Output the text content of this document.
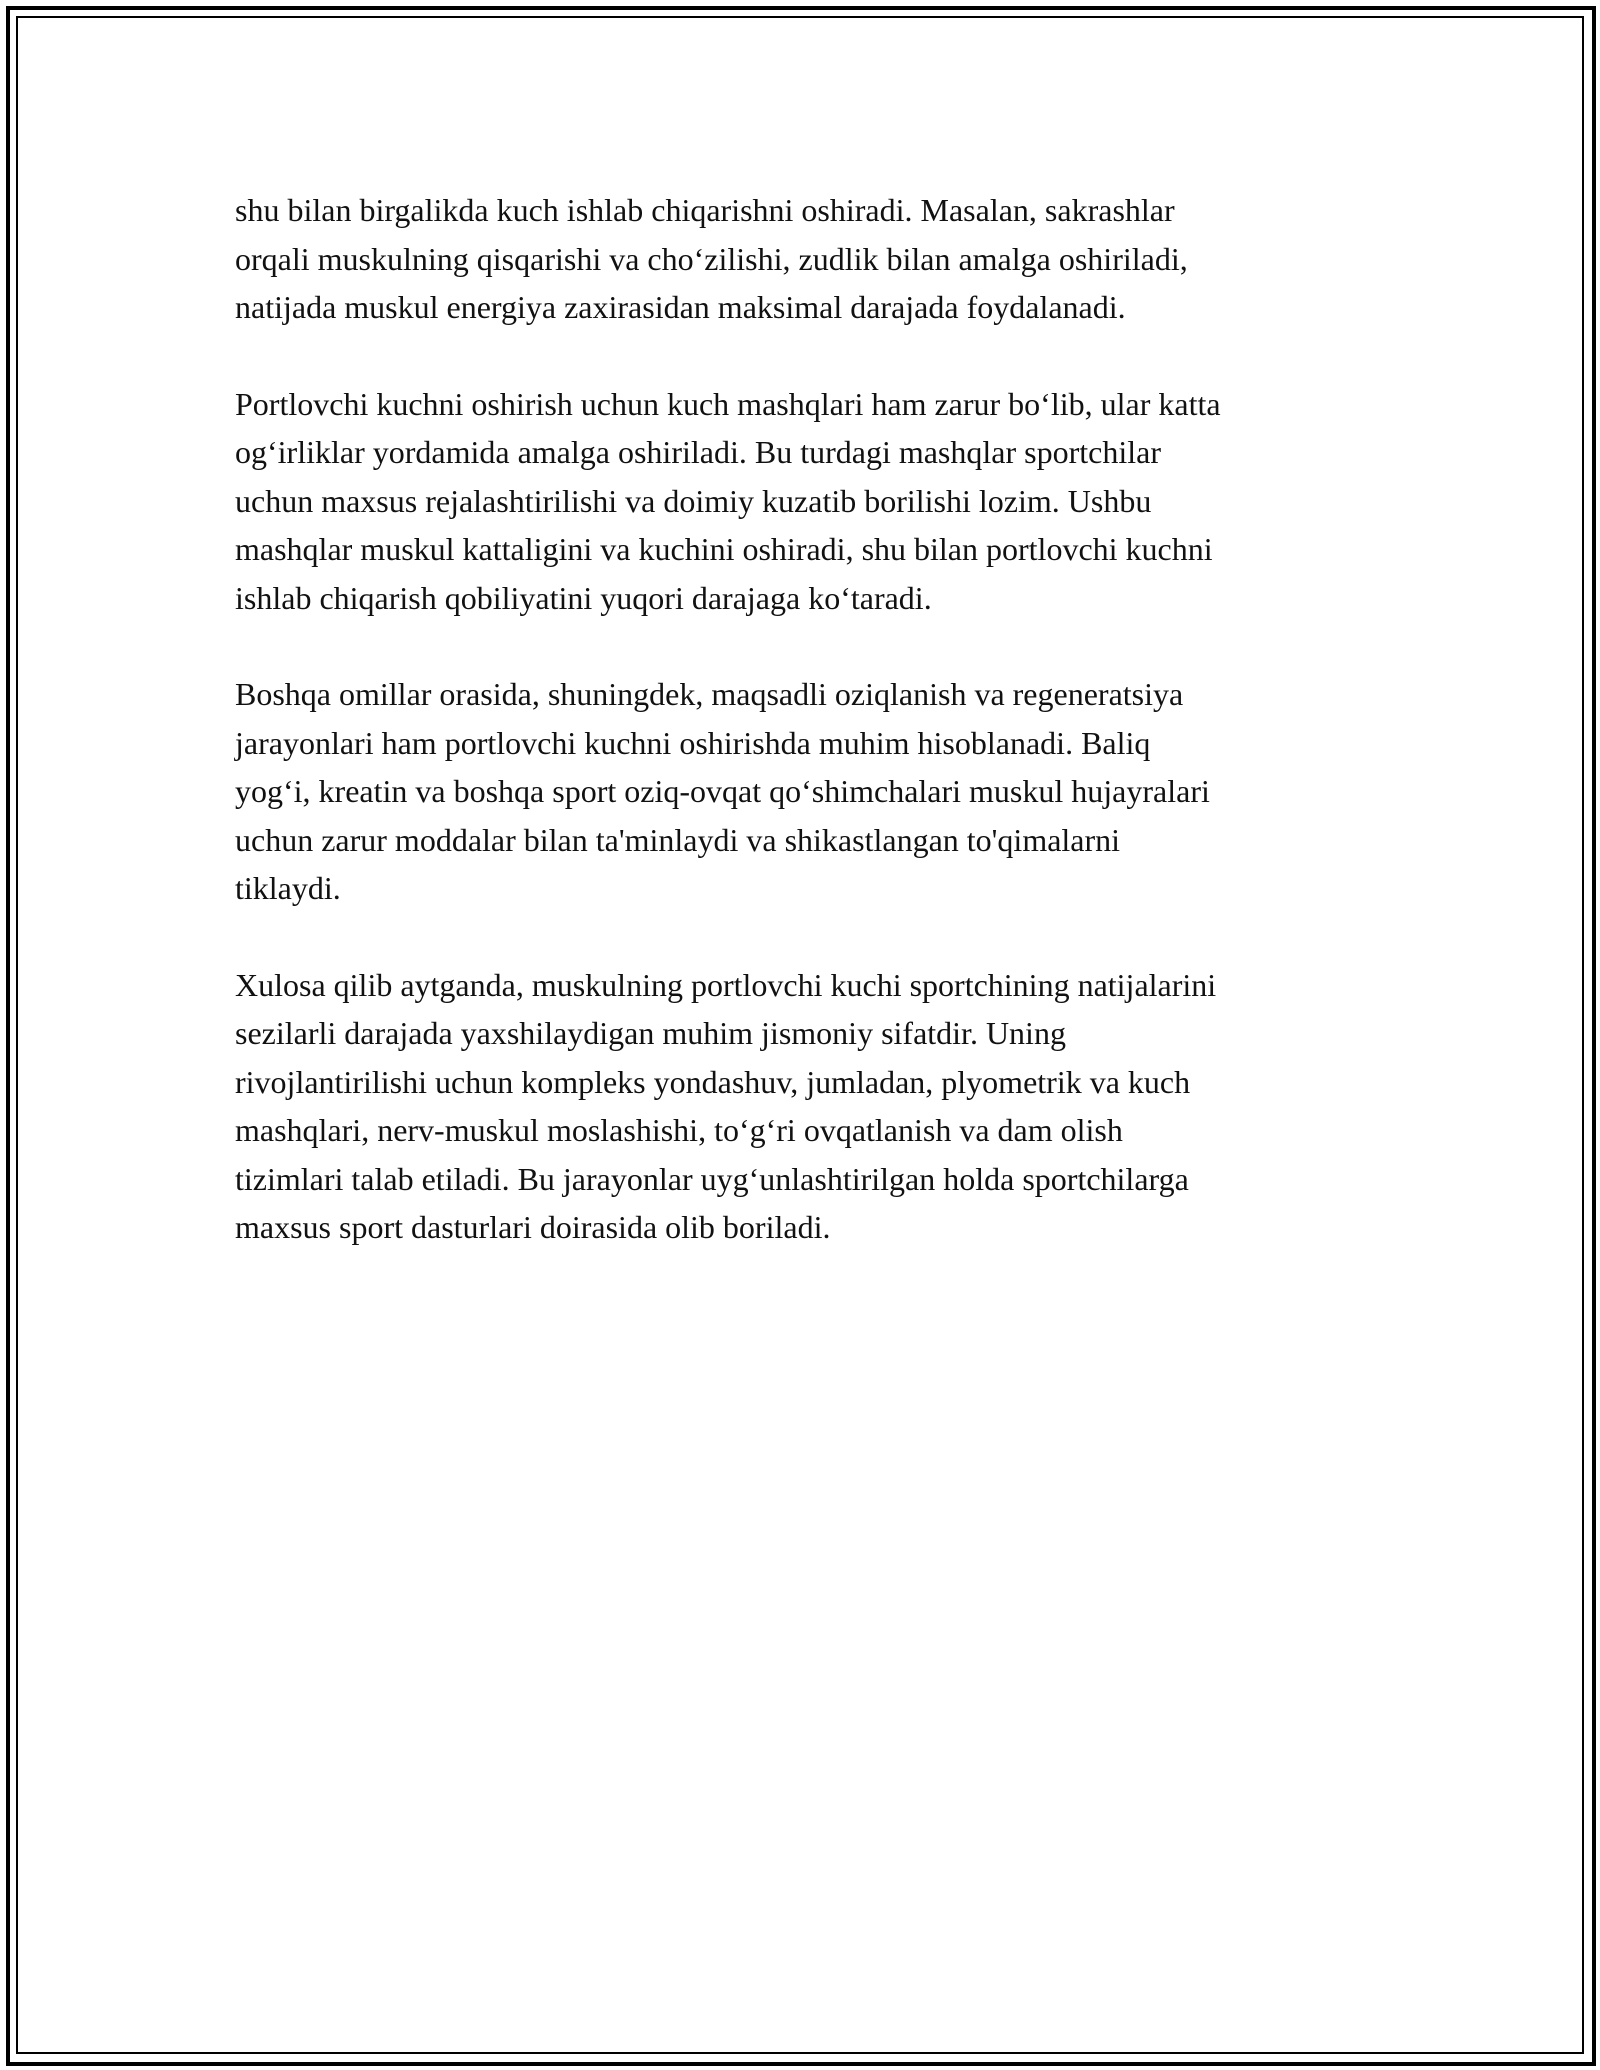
shu bilan birgalikda kuch ishlab chiqarishni oshiradi. Masalan, sakrashlar
orqali muskulning qisqarishi va cho‘zilishi, zudlik bilan amalga oshiriladi,
natijada muskul energiya zaxirasidan maksimal darajada foydalanadi.

Portlovchi kuchni oshirish uchun kuch mashqlari ham zarur bo‘lib, ular katta
og‘irliklar yordamida amalga oshiriladi. Bu turdagi mashqlar sportchilar
uchun maxsus rejalashtirilishi va doimiy kuzatib borilishi lozim. Ushbu
mashqlar muskul kattaligini va kuchini oshiradi, shu bilan portlovchi kuchni
ishlab chiqarish qobiliyatini yuqori darajaga ko‘taradi.

Boshqa omillar orasida, shuningdek, maqsadli oziqlanish va regeneratsiya
jarayonlari ham portlovchi kuchni oshirishda muhim hisoblanadi. Baliq
yog‘i, kreatin va boshqa sport oziq-ovqat qo‘shimchalari muskul hujayralari
uchun zarur moddalar bilan ta'minlaydi va shikastlangan to'qimalarni
tiklaydi.

Xulosa qilib aytganda, muskulning portlovchi kuchi sportchining natijalarini
sezilarli darajada yaxshilaydigan muhim jismoniy sifatdir. Uning
rivojlantirilishi uchun kompleks yondashuv, jumladan, plyometrik va kuch
mashqlari, nerv-muskul moslashishi, to‘g‘ri ovqatlanish va dam olish
tizimlari talab etiladi. Bu jarayonlar uyg‘unlashtirilgan holda sportchilarga
maxsus sport dasturlari doirasida olib boriladi.
